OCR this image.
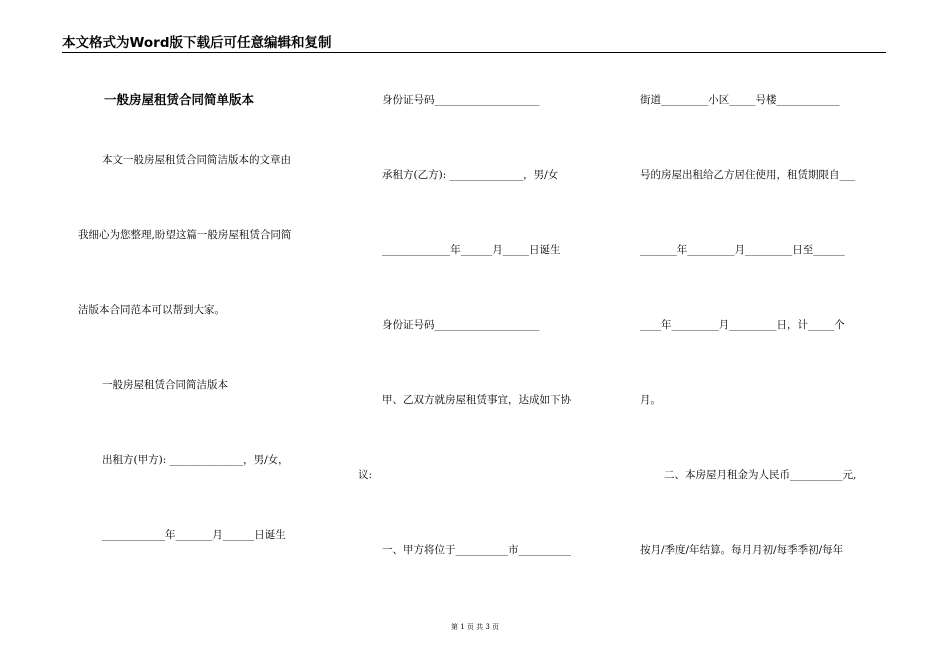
本文格式为Word版下载后可任意编辑和复制
一般房屋租赁合同简单版本
本文一般房屋租赁合同简洁版本的文章由
我细心为您整理,盼望这篇一般房屋租赁合同简
洁版本合同范本可以帮到大家。
一般房屋租赁合同简洁版本
出租方(甲方): ______________，男/女，
____________年_______月______日诞生
身份证号码____________________
承租方(乙方): ______________，男/女
_____________年______月_____日诞生
身份证号码____________________
甲、乙双方就房屋租赁事宜，达成如下协
议:
一、甲方将位于__________市__________
街道_________小区_____号楼____________
号的房屋出租给乙方居住使用，租赁期限自___
_______年_________月_________日至______
____年_________月_________日，计_____个
月。
二、本房屋月租金为人民币__________元,
按月/季度/年结算。每月月初/每季季初/每年
第 1 页 共 3 页
